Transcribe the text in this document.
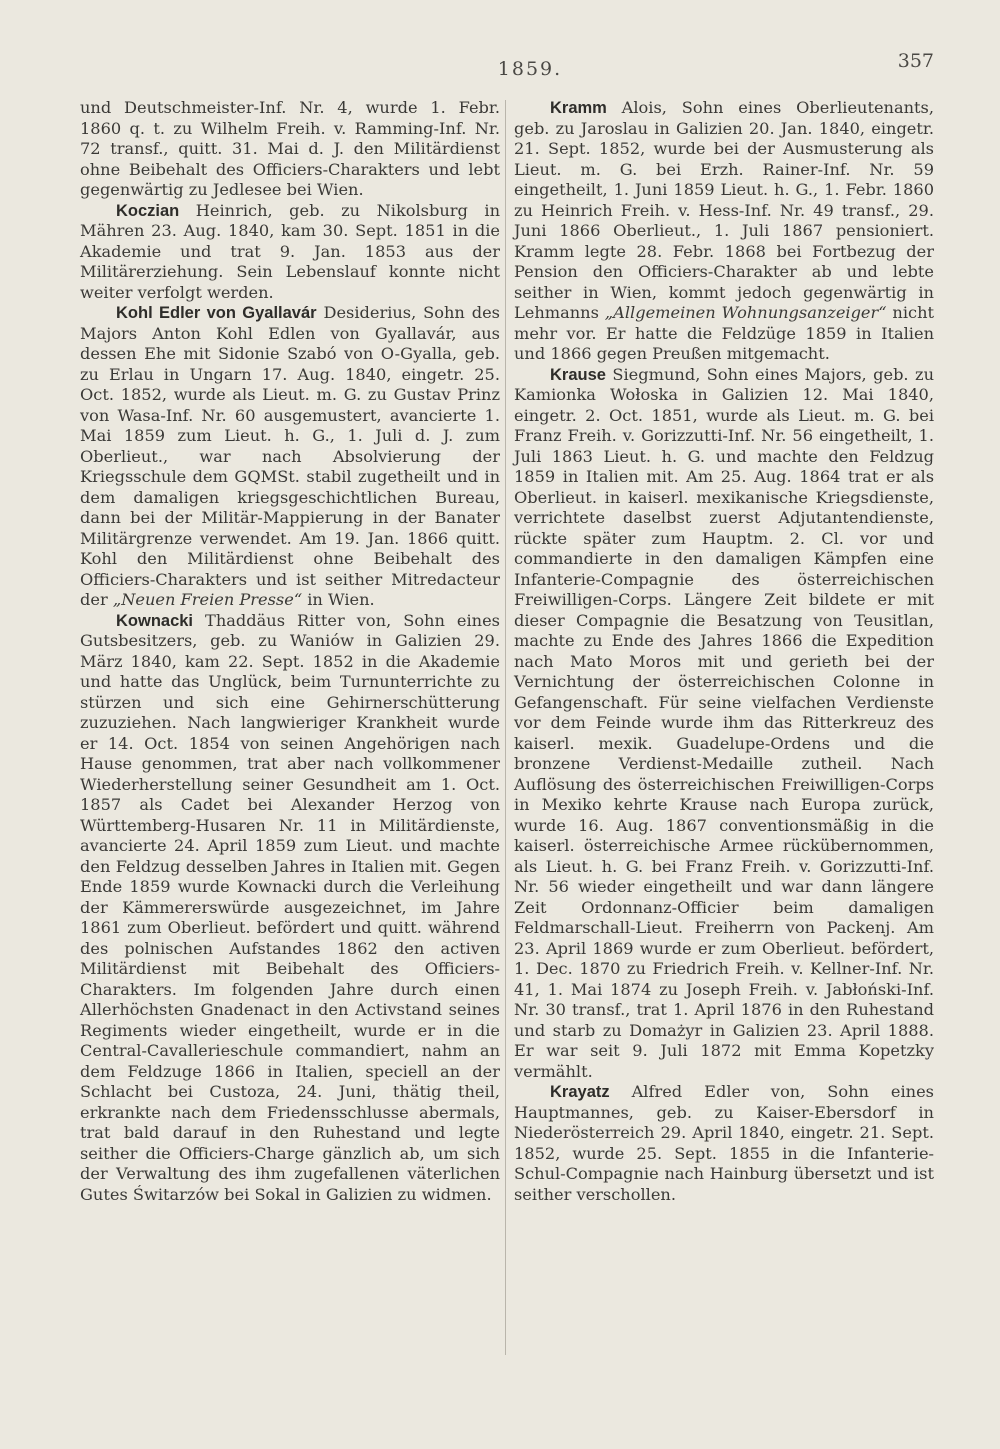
1859.	357

und Deutschmeister-Inf. Nr. 4, wurde 1. Febr. 1860 q. t. zu Wilhelm Freih. v. Ramming-Inf. Nr. 72 transf., quitt. 31. Mai d. J. den Militärdienst ohne Beibehalt des Officiers-Charakters und lebt gegenwärtig zu Jedlesee bei Wien.

Koczian Heinrich, geb. zu Nikolsburg in Mähren 23. Aug. 1840, kam 30. Sept. 1851 in die Akademie und trat 9. Jan. 1853 aus der Militärerziehung. Sein Lebenslauf konnte nicht weiter verfolgt werden.

Kohl Edler von Gyallavár Desiderius, Sohn des Majors Anton Kohl Edlen von Gyallavár, aus dessen Ehe mit Sidonie Szabó von O-Gyalla, geb. zu Erlau in Ungarn 17. Aug. 1840, eingetr. 25. Oct. 1852, wurde als Lieut. m. G. zu Gustav Prinz von Wasa-Inf. Nr. 60 ausgemustert, avancierte 1. Mai 1859 zum Lieut. h. G., 1. Juli d. J. zum Oberlieut., war nach Absolvierung der Kriegsschule dem GQMSt. stabil zugetheilt und in dem damaligen kriegsgeschichtlichen Bureau, dann bei der Militär-Mappierung in der Banater Militärgrenze verwendet. Am 19. Jan. 1866 quitt. Kohl den Militärdienst ohne Beibehalt des Officiers-Charakters und ist seither Mitredacteur der „Neuen Freien Presse“ in Wien.

Kownacki Thaddäus Ritter von, Sohn eines Gutsbesitzers, geb. zu Waniów in Galizien 29. März 1840, kam 22. Sept. 1852 in die Akademie und hatte das Unglück, beim Turnunterrichte zu stürzen und sich eine Gehirnerschütterung zuzuziehen. Nach langwieriger Krankheit wurde er 14. Oct. 1854 von seinen Angehörigen nach Hause genommen, trat aber nach vollkommener Wiederherstellung seiner Gesundheit am 1. Oct. 1857 als Cadet bei Alexander Herzog von Württemberg-Husaren Nr. 11 in Militärdienste, avancierte 24. April 1859 zum Lieut. und machte den Feldzug desselben Jahres in Italien mit. Gegen Ende 1859 wurde Kownacki durch die Verleihung der Kämmererswürde ausgezeichnet, im Jahre 1861 zum Oberlieut. befördert und quitt. während des polnischen Aufstandes 1862 den activen Militärdienst mit Beibehalt des Officiers-Charakters. Im folgenden Jahre durch einen Allerhöchsten Gnadenact in den Activstand seines Regiments wieder eingetheilt, wurde er in die Central-Cavallerieschule commandiert, nahm an dem Feldzuge 1866 in Italien, speciell an der Schlacht bei Custoza, 24. Juni, thätig theil, erkrankte nach dem Friedensschlusse abermals, trat bald darauf in den Ruhestand und legte seither die Officiers-Charge gänzlich ab, um sich der Verwaltung des ihm zugefallenen väterlichen Gutes Świtarzów bei Sokal in Galizien zu widmen.

Kramm Alois, Sohn eines Oberlieutenants, geb. zu Jaroslau in Galizien 20. Jan. 1840, eingetr. 21. Sept. 1852, wurde bei der Ausmusterung als Lieut. m. G. bei Erzh. Rainer-Inf. Nr. 59 eingetheilt, 1. Juni 1859 Lieut. h. G., 1. Febr. 1860 zu Heinrich Freih. v. Hess-Inf. Nr. 49 transf., 29. Juni 1866 Oberlieut., 1. Juli 1867 pensioniert. Kramm legte 28. Febr. 1868 bei Fortbezug der Pension den Officiers-Charakter ab und lebte seither in Wien, kommt jedoch gegenwärtig in Lehmanns „Allgemeinen Wohnungsanzeiger“ nicht mehr vor. Er hatte die Feldzüge 1859 in Italien und 1866 gegen Preußen mitgemacht.

Krause Siegmund, Sohn eines Majors, geb. zu Kamionka Wołoska in Galizien 12. Mai 1840, eingetr. 2. Oct. 1851, wurde als Lieut. m. G. bei Franz Freih. v. Gorizzutti-Inf. Nr. 56 eingetheilt, 1. Juli 1863 Lieut. h. G. und machte den Feldzug 1859 in Italien mit. Am 25. Aug. 1864 trat er als Oberlieut. in kaiserl. mexikanische Kriegsdienste, verrichtete daselbst zuerst Adjutantendienste, rückte später zum Hauptm. 2. Cl. vor und commandierte in den damaligen Kämpfen eine Infanterie-Compagnie des österreichischen Freiwilligen-Corps. Längere Zeit bildete er mit dieser Compagnie die Besatzung von Teusitlan, machte zu Ende des Jahres 1866 die Expedition nach Mato Moros mit und gerieth bei der Vernichtung der österreichischen Colonne in Gefangenschaft. Für seine vielfachen Verdienste vor dem Feinde wurde ihm das Ritterkreuz des kaiserl. mexik. Guadelupe-Ordens und die bronzene Verdienst-Medaille zutheil. Nach Auflösung des österreichischen Freiwilligen-Corps in Mexiko kehrte Krause nach Europa zurück, wurde 16. Aug. 1867 conventionsmäßig in die kaiserl. österreichische Armee rückübernommen, als Lieut. h. G. bei Franz Freih. v. Gorizzutti-Inf. Nr. 56 wieder eingetheilt und war dann längere Zeit Ordonnanz-Officier beim damaligen Feldmarschall-Lieut. Freiherrn von Packenj. Am 23. April 1869 wurde er zum Oberlieut. befördert, 1. Dec. 1870 zu Friedrich Freih. v. Kellner-Inf. Nr. 41, 1. Mai 1874 zu Joseph Freih. v. Jabłoński-Inf. Nr. 30 transf., trat 1. April 1876 in den Ruhestand und starb zu Domażyr in Galizien 23. April 1888. Er war seit 9. Juli 1872 mit Emma Kopetzky vermählt.

Krayatz Alfred Edler von, Sohn eines Hauptmannes, geb. zu Kaiser-Ebersdorf in Niederösterreich 29. April 1840, eingetr. 21. Sept. 1852, wurde 25. Sept. 1855 in die Infanterie-Schul-Compagnie nach Hainburg übersetzt und ist seither verschollen.
